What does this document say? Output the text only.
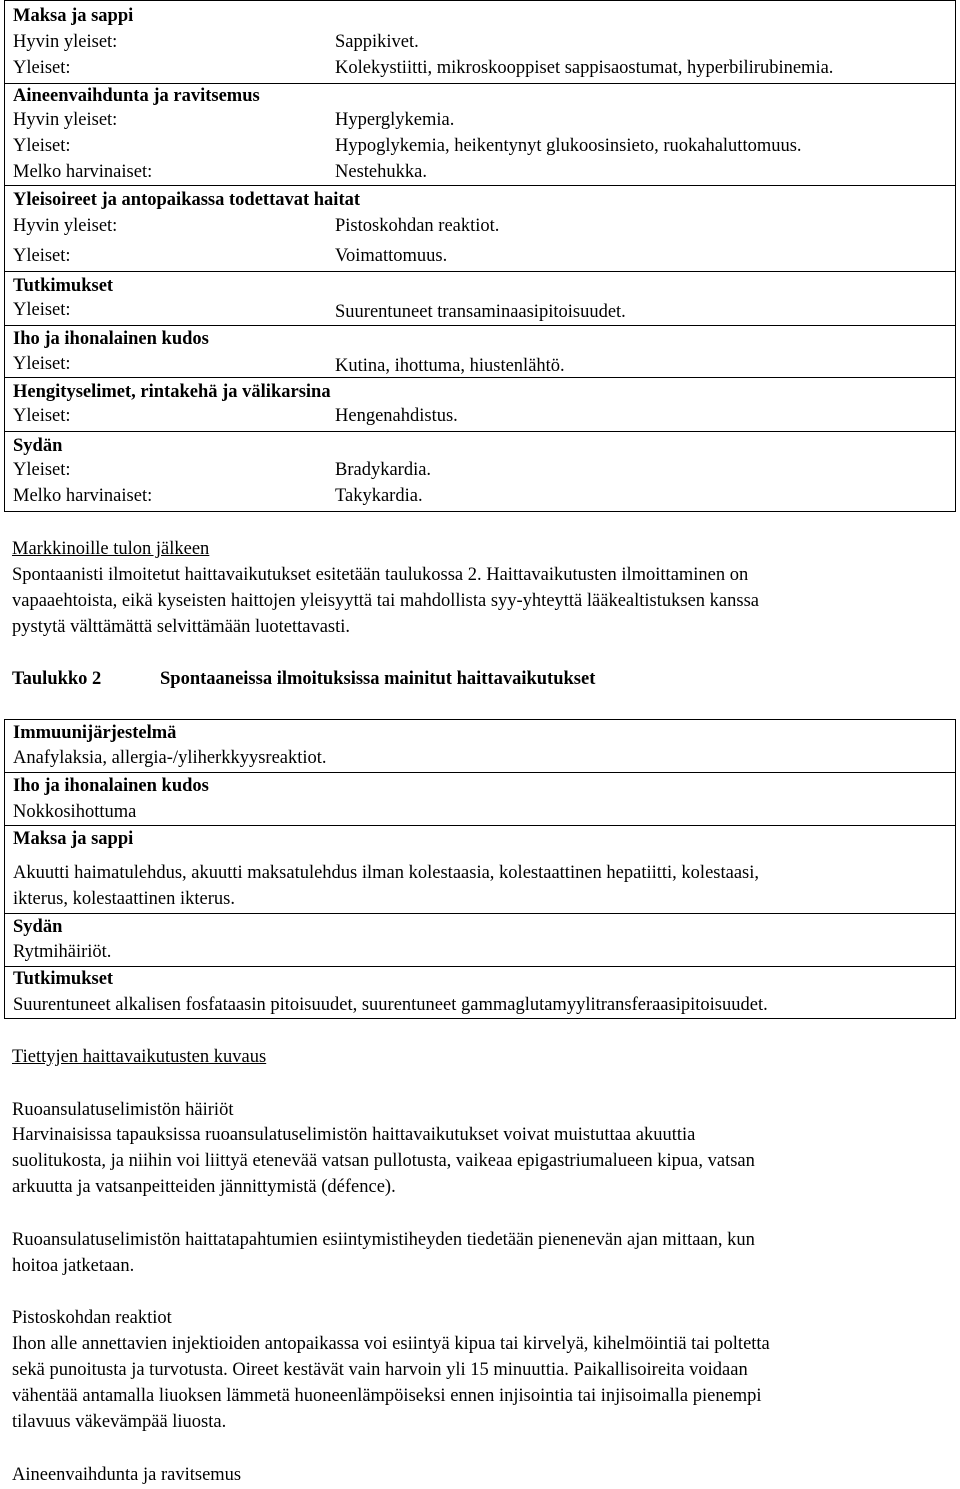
Maksa ja sappi
Hyvin yleiset:	Sappikivet.
Yleiset:	Kolekystiitti, mikroskooppiset sappisaostumat, hyperbilirubinemia.
Aineenvaihdunta ja ravitsemus
Hyvin yleiset:	Hyperglykemia.
Yleiset:	Hypoglykemia, heikentynyt glukoosinsieto, ruokahaluttomuus.
Melko harvinaiset:	Nestehukka.
Yleisoireet ja antopaikassa todettavat haitat
Hyvin yleiset:	Pistoskohdan reaktiot.
Yleiset:	Voimattomuus.
Tutkimukset
Yleiset:	Suurentuneet transaminaasipitoisuudet.
Iho ja ihonalainen kudos
Yleiset:	Kutina, ihottuma, hiustenlähtö.
Hengityselimet, rintakehä ja välikarsina
Yleiset:	Hengenahdistus.
Sydän
Yleiset:	Bradykardia.
Melko harvinaiset:	Takykardia.
Markkinoille tulon jälkeen
Spontaanisti ilmoitetut haittavaikutukset esitetään taulukossa 2. Haittavaikutusten ilmoittaminen on
vapaaehtoista, eikä kyseisten haittojen yleisyyttä tai mahdollista syy-yhteyttä lääkealtistuksen kanssa
pystytä välttämättä selvittämään luotettavasti.
Taulukko 2	Spontaaneissa ilmoituksissa mainitut haittavaikutukset
Immuunijärjestelmä
Anafylaksia, allergia-/yliherkkyysreaktiot.
Iho ja ihonalainen kudos
Nokkosihottuma
Maksa ja sappi
Akuutti haimatulehdus, akuutti maksatulehdus ilman kolestaasia, kolestaattinen hepatiitti, kolestaasi,
ikterus, kolestaattinen ikterus.
Sydän
Rytmihäiriöt.
Tutkimukset
Suurentuneet alkalisen fosfataasin pitoisuudet, suurentuneet gammaglutamyylitransferaasipitoisuudet.
Tiettyjen haittavaikutusten kuvaus
Ruoansulatuselimistön häiriöt
Harvinaisissa tapauksissa ruoansulatuselimistön haittavaikutukset voivat muistuttaa akuuttia
suolitukosta, ja niihin voi liittyä etenevää vatsan pullotusta, vaikeaa epigastriumalueen kipua, vatsan
arkuutta ja vatsanpeitteiden jännittymistä (défence).
Ruoansulatuselimistön haittatapahtumien esiintymistiheyden tiedetään pienenevän ajan mittaan, kun
hoitoa jatketaan.
Pistoskohdan reaktiot
Ihon alle annettavien injektioiden antopaikassa voi esiintyä kipua tai kirvelyä, kihelmöintiä tai poltetta
sekä punoitusta ja turvotusta. Oireet kestävät vain harvoin yli 15 minuuttia. Paikallisoireita voidaan
vähentää antamalla liuoksen lämmetä huoneenlämpöiseksi ennen injisointia tai injisoimalla pienempi
tilavuus väkevämpää liuosta.
Aineenvaihdunta ja ravitsemus
